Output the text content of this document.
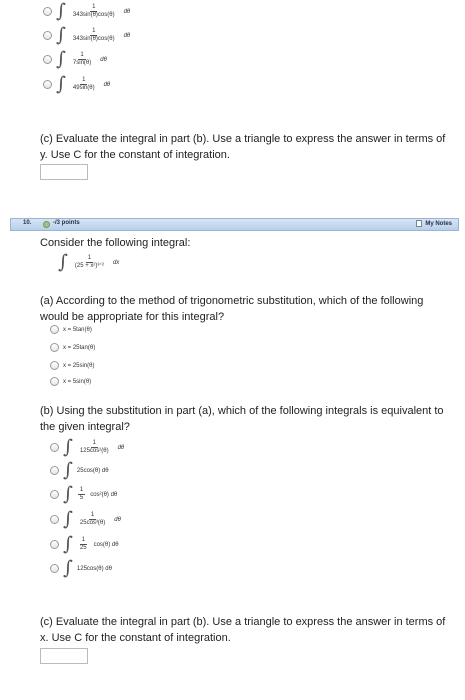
∫ $\frac{1}{343\sin(\theta)\cos(\theta)}$ dθ
∫ $\frac{1}{343\sin(\theta)\cos(\theta)}$ dθ
∫ $\frac{1}{7\sin(\theta)}$ dθ
∫ $\frac{1}{49\sin(\theta)}$ dθ
(c) Evaluate the integral in part (b). Use a triangle to express the answer in terms of y. Use C for the constant of integration.
10.	-/3 points	My Notes
Consider the following integral:
∫ $\frac{1}{\text{(25 + x²)³ᐟ²}}$ dx
(a) According to the method of trigonometric substitution, which of the following would be appropriate for this integral?
x = 5tan(θ)
x = 25tan(θ)
x = 25sin(θ)
x = 5sin(θ)
(b) Using the substitution in part (a), which of the following integrals is equivalent to the given integral?
∫ $\frac{1}{\text{125cos²(θ)}}$ dθ
∫ 25cos(θ) dθ
∫ $\frac{1}{5} \cos^2(\theta)$ dθ
∫ $\frac{1}{\text{25cos³(θ)}}$ dθ
∫ $\frac{1}{25} \cos(\theta)$ dθ
∫ 125cos(θ) dθ
(c) Evaluate the integral in part (b). Use a triangle to express the answer in terms of x. Use C for the constant of integration.
